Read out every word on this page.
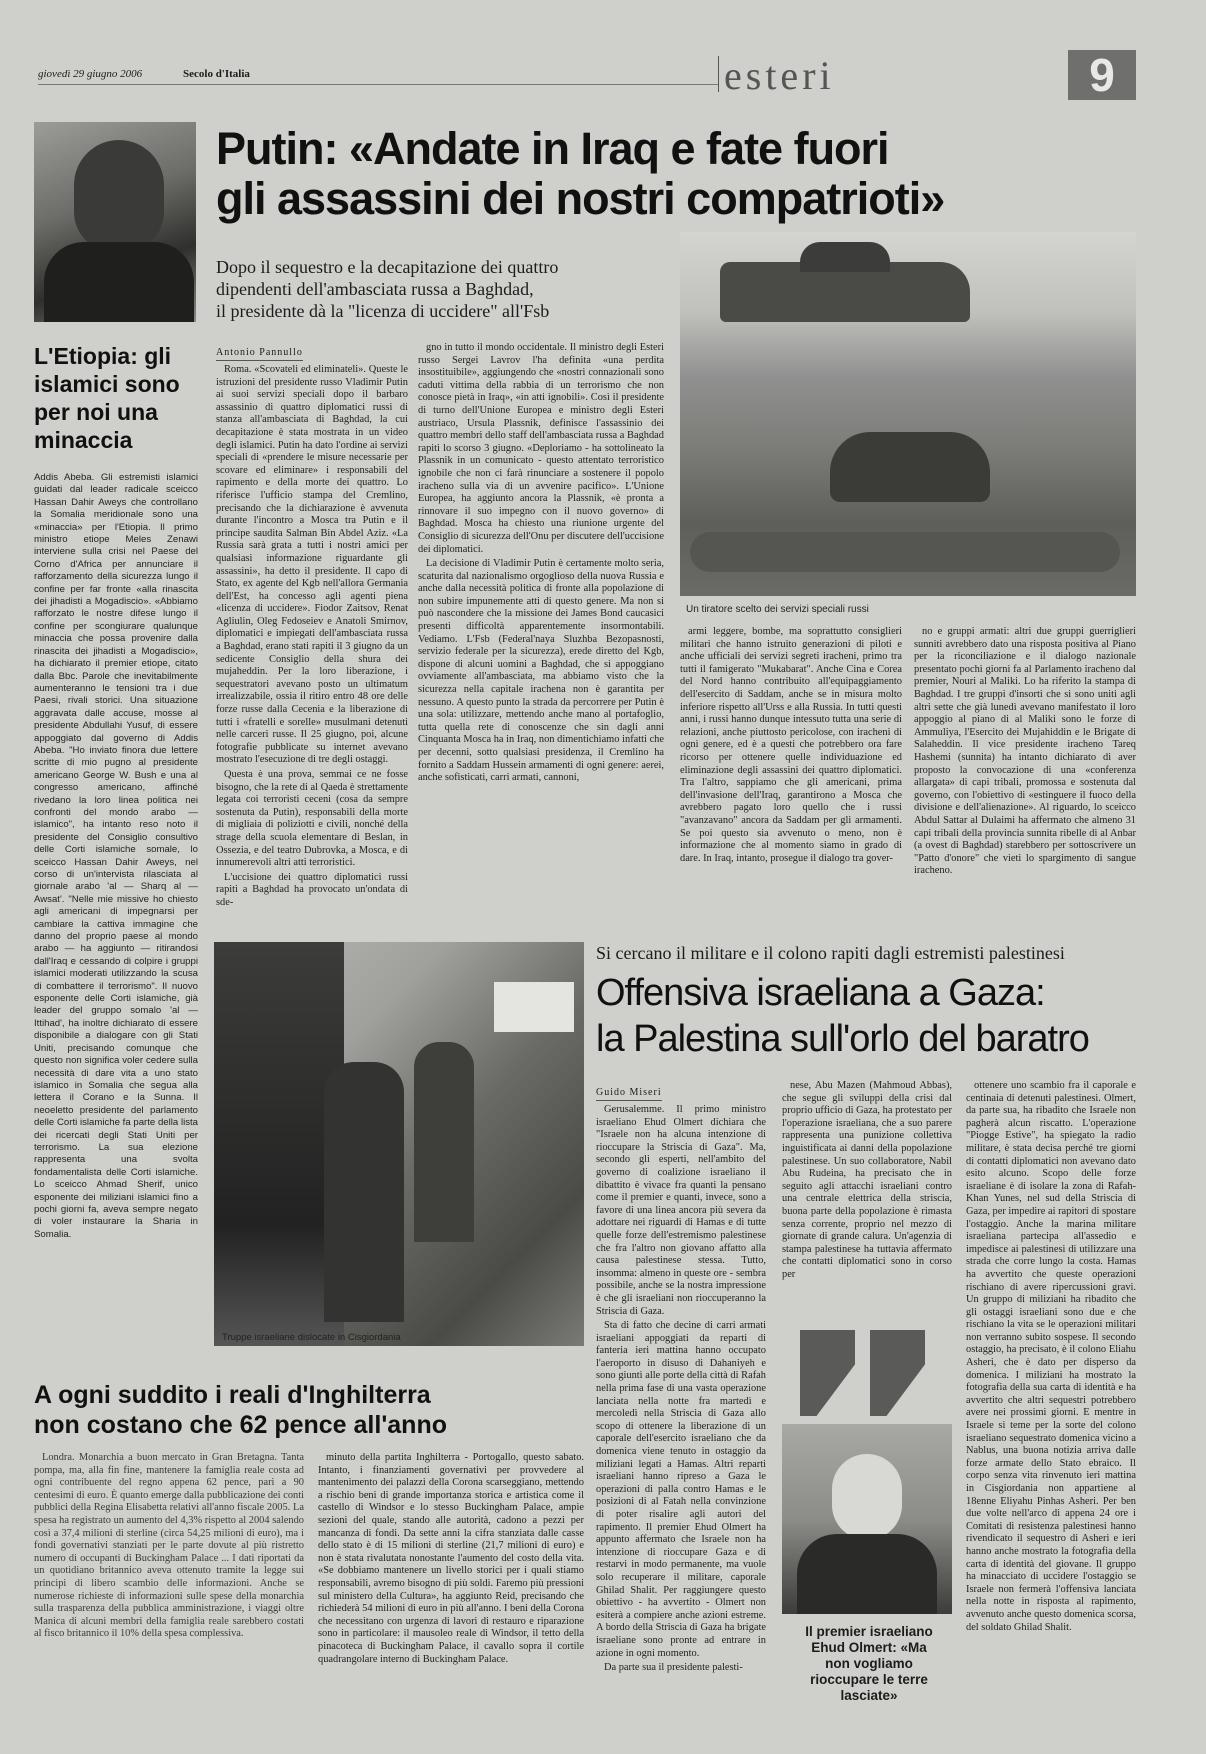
giovedì 29 giugno 2006	Secolo d'Italia	esteri	9
Putin: «Andate in Iraq e fate fuori
gli assassini dei nostri compatrioti»
Dopo il sequestro e la decapitazione dei quattro
dipendenti dell'ambasciata russa a Baghdad,
il presidente dà la "licenza di uccidere" all'Fsb
Antonio Pannullo

Roma. «Scovateli ed eliminateli». Queste le istruzioni del presidente russo Vladimir Putin ai suoi servizi speciali dopo il barbaro assassinio di quattro diplomatici russi di stanza all'ambasciata di Baghdad, la cui decapitazione è stata mostrata in un video degli islamici. Putin ha dato l'ordine ai servizi speciali di «prendere le misure necessarie per scovare ed eliminare» i responsabili del rapimento e della morte dei quattro. Lo riferisce l'ufficio stampa del Cremlino, precisando che la dichiarazione è avvenuta durante l'incontro a Mosca tra Putin e il principe saudita Salman Bin Abdel Aziz. «La Russia sarà grata a tutti i nostri amici per qualsiasi informazione riguardante gli assassini», ha detto il presidente. Il capo di Stato, ex agente del Kgb nell'allora Germania dell'Est, ha concesso agli agenti piena «licenza di uccidere». Fiodor Zaitsov, Renat Agliulin, Oleg Fedoseiev e Anatoli Smirnov, diplomatici e impiegati dell'ambasciata russa a Baghdad, erano stati rapiti il 3 giugno da un sedicente Consiglio della shura dei mujaheddin. Per la loro liberazione, i sequestratori avevano posto un ultimatum irrealizzabile, ossia il ritiro entro 48 ore delle forze russe dalla Cecenia e la liberazione di tutti i «fratelli e sorelle» musulmani detenuti nelle carceri russe. Il 25 giugno, poi, alcune fotografie pubblicate su internet avevano mostrato l'esecuzione di tre degli ostaggi.

Questa è una prova, semmai ce ne fosse bisogno, che la rete di al Qaeda è strettamente legata coi terroristi ceceni (cosa da sempre sostenuta da Putin), responsabili della morte di migliaia di poliziotti e civili, nonché della strage della scuola elementare di Beslan, in Ossezia, e del teatro Dubrovka, a Mosca, e di innumerevoli altri atti terroristici.

L'uccisione dei quattro diplomatici russi rapiti a Baghdad ha provocato un'ondata di sde-

gno in tutto il mondo occidentale. Il ministro degli Esteri russo Sergei Lavrov l'ha definita «una perdita insostituibile», aggiungendo che «nostri connazionali sono caduti vittima della rabbia di un terrorismo che non conosce pietà in Iraq», «in atti ignobili». Così il presidente di turno dell'Unione Europea e ministro degli Esteri austriaco, Ursula Plassnik, definisce l'assassinio dei quattro membri dello staff dell'ambasciata russa a Baghdad rapiti lo scorso 3 giugno. «Deploriamo - ha sottolineato la Plassnik in un comunicato - questo attentato terroristico ignobile che non ci farà rinunciare a sostenere il popolo iracheno sulla via di un avvenire pacifico». L'Unione Europea, ha aggiunto ancora la Plassnik, «è pronta a rinnovare il suo impegno con il nuovo governo» di Baghdad. Mosca ha chiesto una riunione urgente del Consiglio di sicurezza dell'Onu per discutere dell'uccisione dei diplomatici.

La decisione di Vladimir Putin è certamente molto seria, scaturita dal nazionalismo orgoglioso della nuova Russia e anche dalla necessità politica di fronte alla popolazione di non subire impunemente atti di questo genere. Ma non si può nascondere che la missione dei James Bond caucasici presenti difficoltà apparentemente insormontabili. Vediamo. L'Fsb (Federal'naya Sluzhba Bezopasnosti, servizio federale per la sicurezza), erede diretto del Kgb, dispone di alcuni uomini a Baghdad, che si appoggiano ovviamente all'ambasciata, ma abbiamo visto che la sicurezza nella capitale irachena non è garantita per nessuno. A questo punto la strada da percorrere per Putin è una sola: utilizzare, mettendo anche mano al portafoglio, tutta quella rete di conoscenze che sin dagli anni Cinquanta Mosca ha in Iraq, non dimentichiamo infatti che per decenni, sotto qualsiasi presidenza, il Cremlino ha fornito a Saddam Hussein armamenti di ogni genere: aerei, anche sofisticati, carri armati, cannoni,

Un tiratore scelto dei servizi speciali russi

armi leggere, bombe, ma soprattutto consiglieri militari che hanno istruito generazioni di piloti e anche ufficiali dei servizi segreti iracheni, primo tra tutti il famigerato "Mukabarat". Anche Cina e Corea del Nord hanno contribuito all'equipaggiamento dell'esercito di Saddam, anche se in misura molto inferiore rispetto all'Urss e alla Russia. In tutti questi anni, i russi hanno dunque intessuto tutta una serie di relazioni, anche piuttosto pericolose, con iracheni di ogni genere, ed è a questi che potrebbero ora fare ricorso per ottenere quelle individuazione ed eliminazione degli assassini dei quattro diplomatici. Tra l'altro, sappiamo che gli americani, prima dell'invasione dell'Iraq, garantirono a Mosca che avrebbero pagato loro quello che i russi "avanzavano" ancora da Saddam per gli armamenti. Se poi questo sia avvenuto o meno, non è informazione che al momento siamo in grado di dare. In Iraq, intanto, prosegue il dialogo tra gover-

no e gruppi armati: altri due gruppi guerriglieri sunniti avrebbero dato una risposta positiva al Piano per la riconciliazione e il dialogo nazionale presentato pochi giorni fa al Parlamento iracheno dal premier, Nouri al Maliki. Lo ha riferito la stampa di Baghdad. I tre gruppi d'insorti che si sono uniti agli altri sette che già lunedì avevano manifestato il loro appoggio al piano di al Maliki sono le forze di Ammuliya, l'Esercito dei Mujahiddin e le Brigate di Salaheddin. Il vice presidente iracheno Tareq Hashemi (sunnita) ha intanto dichiarato di aver proposto la convocazione di una «conferenza allargata» di capi tribali, promossa e sostenuta dal governo, con l'obiettivo di «estinguere il fuoco della divisione e dell'alienazione». Al riguardo, lo sceicco Abdul Sattar al Dulaimi ha affermato che almeno 31 capi tribali della provincia sunnita ribelle di al Anbar (a ovest di Baghdad) starebbero per sottoscrivere un "Patto d'onore" che vieti lo spargimento di sangue iracheno.

L'Etiopia: gli islamici sono per noi una minaccia

Addis Abeba. Gli estremisti islamici guidati dal leader radicale sceicco Hassan Dahir Aweys che controllano la Somalia meridionale sono una «minaccia» per l'Etiopia. Il primo ministro etiope Meles Zenawi interviene sulla crisi nel Paese del Corno d'Africa per annunciare il rafforzamento della sicurezza lungo il confine per far fronte «alla rinascita dei jihadisti a Mogadiscio». «Abbiamo rafforzato le nostre difese lungo il confine per scongiurare qualunque minaccia che possa provenire dalla rinascita dei jihadisti a Mogadiscio», ha dichiarato il premier etiope, citato dalla Bbc. Parole che inevitabilmente aumenteranno le tensioni tra i due Paesi, rivali storici. Una situazione aggravata dalle accuse, mosse al presidente Abdullahi Yusuf, di essere appoggiato dal governo di Addis Abeba. "Ho inviato finora due lettere scritte di mio pugno al presidente americano George W. Bush e una al congresso americano, affinché rivedano la loro linea politica nei confronti del mondo arabo — islamico", ha intanto reso noto il presidente del Consiglio consultivo delle Corti islamiche somale, lo sceicco Hassan Dahir Aweys, nel corso di un'intervista rilasciata al giornale arabo 'al — Sharq al — Awsat'. "Nelle mie missive ho chiesto agli americani di impegnarsi per cambiare la cattiva immagine che danno del proprio paese al mondo arabo — ha aggiunto — ritirandosi dall'Iraq e cessando di colpire i gruppi islamici moderati utilizzando la scusa di combattere il terrorismo". Il nuovo esponente delle Corti islamiche, già leader del gruppo somalo 'al — Ittihad', ha inoltre dichiarato di essere disponibile a dialogare con gli Stati Uniti, precisando comunque che questo non significa voler cedere sulla necessità di dare vita a uno stato islamico in Somalia che segua alla lettera il Corano e la Sunna. Il neoeletto presidente del parlamento delle Corti islamiche fa parte della lista dei ricercati degli Stati Uniti per terrorismo. La sua elezione rappresenta una svolta fondamentalista delle Corti islamiche. Lo sceicco Ahmad Sherif, unico esponente dei miliziani islamici fino a pochi giorni fa, aveva sempre negato di voler instaurare la Sharia in Somalia.

Truppe israeliane dislocate in Cisgiordania
Si cercano il militare e il colono rapiti dagli estremisti palestinesi
Offensiva israeliana a Gaza:
la Palestina sull'orlo del baratro
Guido Miseri

Gerusalemme. Il primo ministro israeliano Ehud Olmert dichiara che "Israele non ha alcuna intenzione di rioccupare la Striscia di Gaza". Ma, secondo gli esperti, nell'ambito del governo di coalizione israeliano il dibattito è vivace fra quanti la pensano come il premier e quanti, invece, sono a favore di una linea ancora più severa da adottare nei riguardi di Hamas e di tutte quelle forze dell'estremismo palestinese che fra l'altro non giovano affatto alla causa palestinese stessa. Tutto, insomma: almeno in queste ore - sembra possibile, anche se la nostra impressione è che gli israeliani non rioccuperanno la Striscia di Gaza.

Sta di fatto che decine di carri armati israeliani appoggiati da reparti di fanteria ieri mattina hanno occupato l'aeroporto in disuso di Dahaniyeh e sono giunti alle porte della città di Rafah nella prima fase di una vasta operazione lanciata nella notte fra martedì e mercoledì nella Striscia di Gaza allo scopo di ottenere la liberazione di un caporale dell'esercito israeliano che da domenica viene tenuto in ostaggio da miliziani legati a Hamas. Altri reparti israeliani hanno ripreso a Gaza le operazioni di palla contro Hamas e le posizioni di al Fatah nella convinzione di poter risalire agli autori del rapimento. Il premier Ehud Olmert ha appunto affermato che Israele non ha intenzione di rioccupare Gaza e di restarvi in modo permanente, ma vuole solo recuperare il militare, caporale Ghilad Shalit. Per raggiungere questo obiettivo - ha avvertito - Olmert non esiterà a compiere anche azioni estreme. A bordo della Striscia di Gaza ha brigate israeliane sono pronte ad entrare in azione in ogni momento.

Da parte sua il presidente palesti-

nese, Abu Mazen (Mahmoud Abbas), che segue gli sviluppi della crisi dal proprio ufficio di Gaza, ha protestato per l'operazione israeliana, che a suo parere rappresenta una punizione collettiva inguistificata ai danni della popolazione palestinese. Un suo collaboratore, Nabil Abu Rudeina, ha precisato che in seguito agli attacchi israeliani contro una centrale elettrica della striscia, buona parte della popolazione è rimasta senza corrente, proprio nel mezzo di giornate di grande calura. Un'agenzia di stampa palestinese ha tuttavia affermato che contatti diplomatici sono in corso per

Il premier israeliano Ehud Olmert: «Ma non vogliamo rioccupare le terre lasciate»

ottenere uno scambio fra il caporale e centinaia di detenuti palestinesi. Olmert, da parte sua, ha ribadito che Israele non pagherà alcun riscatto. L'operazione "Piogge Estive", ha spiegato la radio militare, è stata decisa perché tre giorni di contatti diplomatici non avevano dato esito alcuno. Scopo delle forze israeliane è di isolare la zona di Rafah-Khan Yunes, nel sud della Striscia di Gaza, per impedire ai rapitori di spostare l'ostaggio. Anche la marina militare israeliana partecipa all'assedio e impedisce ai palestinesi di utilizzare una strada che corre lungo la costa. Hamas ha avvertito che queste operazioni rischiano di avere ripercussioni gravi. Un gruppo di miliziani ha ribadito che gli ostaggi israeliani sono due e che rischiano la vita se le operazioni militari non verranno subito sospese. Il secondo ostaggio, ha precisato, è il colono Eliahu Asheri, che è dato per disperso da domenica. I miliziani ha mostrato la fotografia della sua carta di identità e ha avvertito che altri sequestri potrebbero avere nei prossimi giorni. E mentre in Israele si teme per la sorte del colono israeliano sequestrato domenica vicino a Nablus, una buona notizia arriva dalle forze armate dello Stato ebraico. Il corpo senza vita rinvenuto ieri mattina in Cisgiordania non appartiene al 18enne Eliyahu Pinhas Asheri. Per ben due volte nell'arco di appena 24 ore i Comitati di resistenza palestinesi hanno rivendicato il sequestro di Asheri e ieri hanno anche mostrato la fotografia della carta di identità del giovane. Il gruppo ha minacciato di uccidere l'ostaggio se Israele non fermerà l'offensiva lanciata nella notte in risposta al rapimento, avvenuto anche questo domenica scorsa, del soldato Ghilad Shalit.

A ogni suddito i reali d'Inghilterra
non costano che 62 pence all'anno

Londra. Monarchia a buon mercato in Gran Bretagna. Tanta pompa, ma, alla fin fine, mantenere la famiglia reale costa ad ogni contribuente del regno appena 62 pence, pari a 90 centesimi di euro. È quanto emerge dalla pubblicazione dei conti pubblici della Regina Elisabetta relativi all'anno fiscale 2005. La spesa ha registrato un aumento del 4,3% rispetto al 2004 salendo così a 37,4 milioni di sterline (circa 54,25 milioni di euro), ma i fondi governativi stanziati per le parte dovute al più ristretto numero di occupanti di Buckingham Palace ... I dati riportati da un quotidiano britannico aveva ottenuto tramite la legge sui principi di libero scambio delle informazioni. Anche se numerose richieste di informazioni sulle spese della monarchia sulla trasparenza della pubblica amministrazione, i viaggi oltre Manica di alcuni membri della famiglia reale sarebbero costati al fisco britannico il 10% della spesa complessiva.

minuto della partita Inghilterra - Portogallo, questo sabato. Intanto, i finanziamenti governativi per provvedere al mantenimento dei palazzi della Corona scarseggiano, mettendo a rischio beni di grande importanza storica e artistica come il castello di Windsor e lo stesso Buckingham Palace, ampie sezioni del quale, stando alle autorità, cadono a pezzi per mancanza di fondi. Da sette anni la cifra stanziata dalle casse dello stato è di 15 milioni di sterline (21,7 milioni di euro) e non è stata rivalutata nonostante l'aumento del costo della vita. «Se dobbiamo mantenere un livello storici per i quali stiamo responsabili, avremo bisogno di più soldi. Faremo più pressioni sul ministero della Cultura», ha aggiunto Reid, precisando che richiederà 54 milioni di euro in più all'anno. I beni della Corona che necessitano con urgenza di lavori di restauro e riparazione sono in particolare: il mausoleo reale di Windsor, il tetto della pinacoteca di Buckingham Palace, il cavallo sopra il cortile quadrangolare interno di Buckingham Palace.
